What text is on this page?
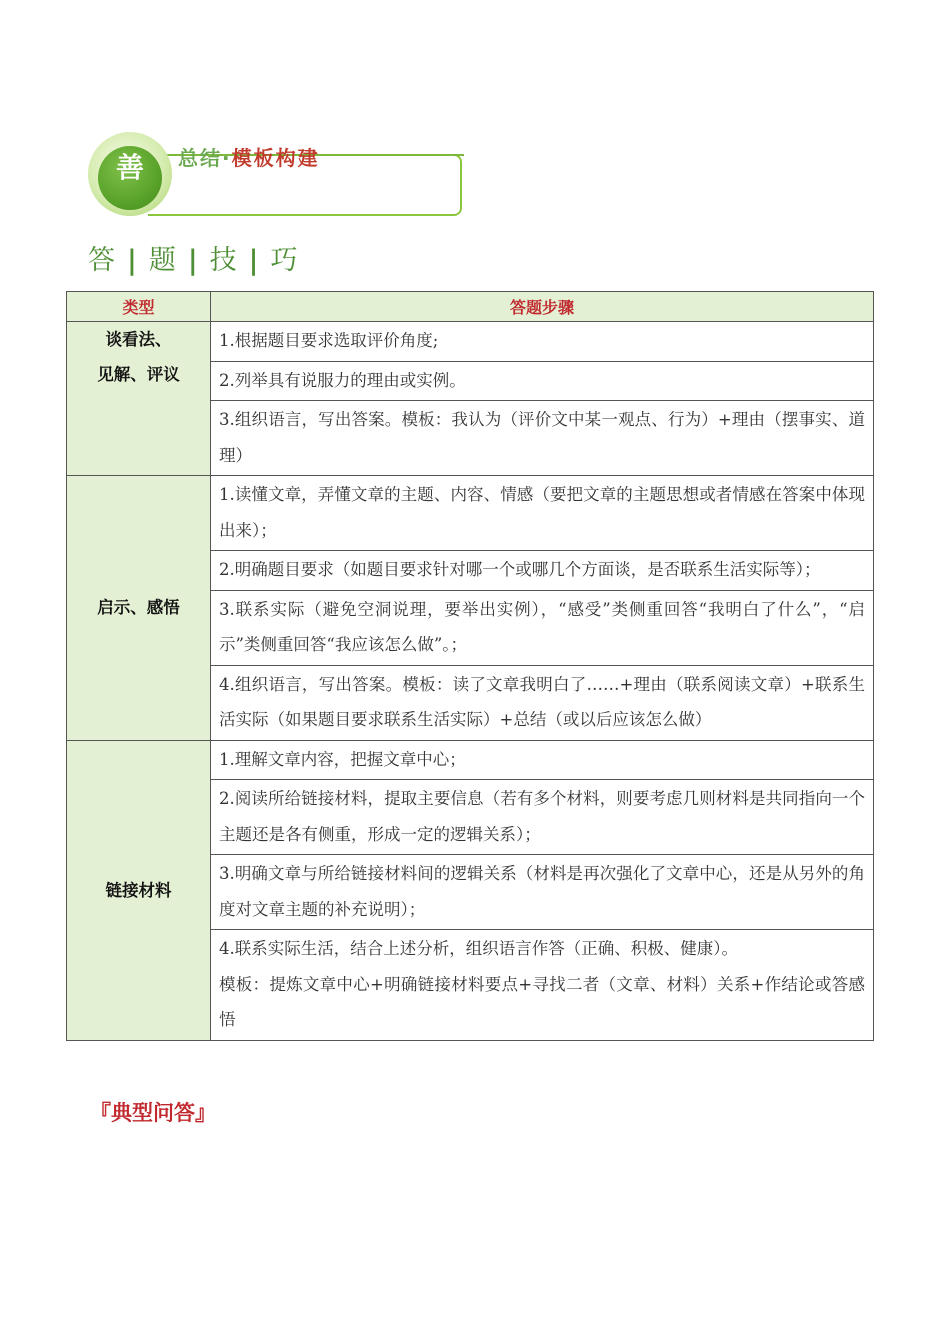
善 总结·模板构建
答 | 题 | 技 | 巧
类型	答题步骤
谈看法、
见解、评议	1.根据题目要求选取评价角度;
	2.列举具有说服力的理由或实例。
	3.组织语言，写出答案。模板：我认为（评价文中某一观点、行为）+理由（摆事实、道理）
启示、感悟	1.读懂文章，弄懂文章的主题、内容、情感（要把文章的主题思想或者情感在答案中体现出来）；
	2.明确题目要求（如题目要求针对哪一个或哪几个方面谈，是否联系生活实际等）；
	3.联系实际（避免空洞说理，要举出实例），“感受”类侧重回答“我明白了什么”，“启示”类侧重回答“我应该怎么做”。；
	4.组织语言，写出答案。模板：读了文章我明白了……+理由（联系阅读文章）+联系生活实际（如果题目要求联系生活实际）+总结（或以后应该怎么做）
链接材料	1.理解文章内容，把握文章中心；
	2.阅读所给链接材料，提取主要信息（若有多个材料，则要考虑几则材料是共同指向一个主题还是各有侧重，形成一定的逻辑关系）；
	3.明确文章与所给链接材料间的逻辑关系（材料是再次强化了文章中心，还是从另外的角度对文章主题的补充说明）；
	4.联系实际生活，结合上述分析，组织语言作答（正确、积极、健康）。
模板：提炼文章中心+明确链接材料要点+寻找二者（文章、材料）关系+作结论或答感悟
『典型问答』
